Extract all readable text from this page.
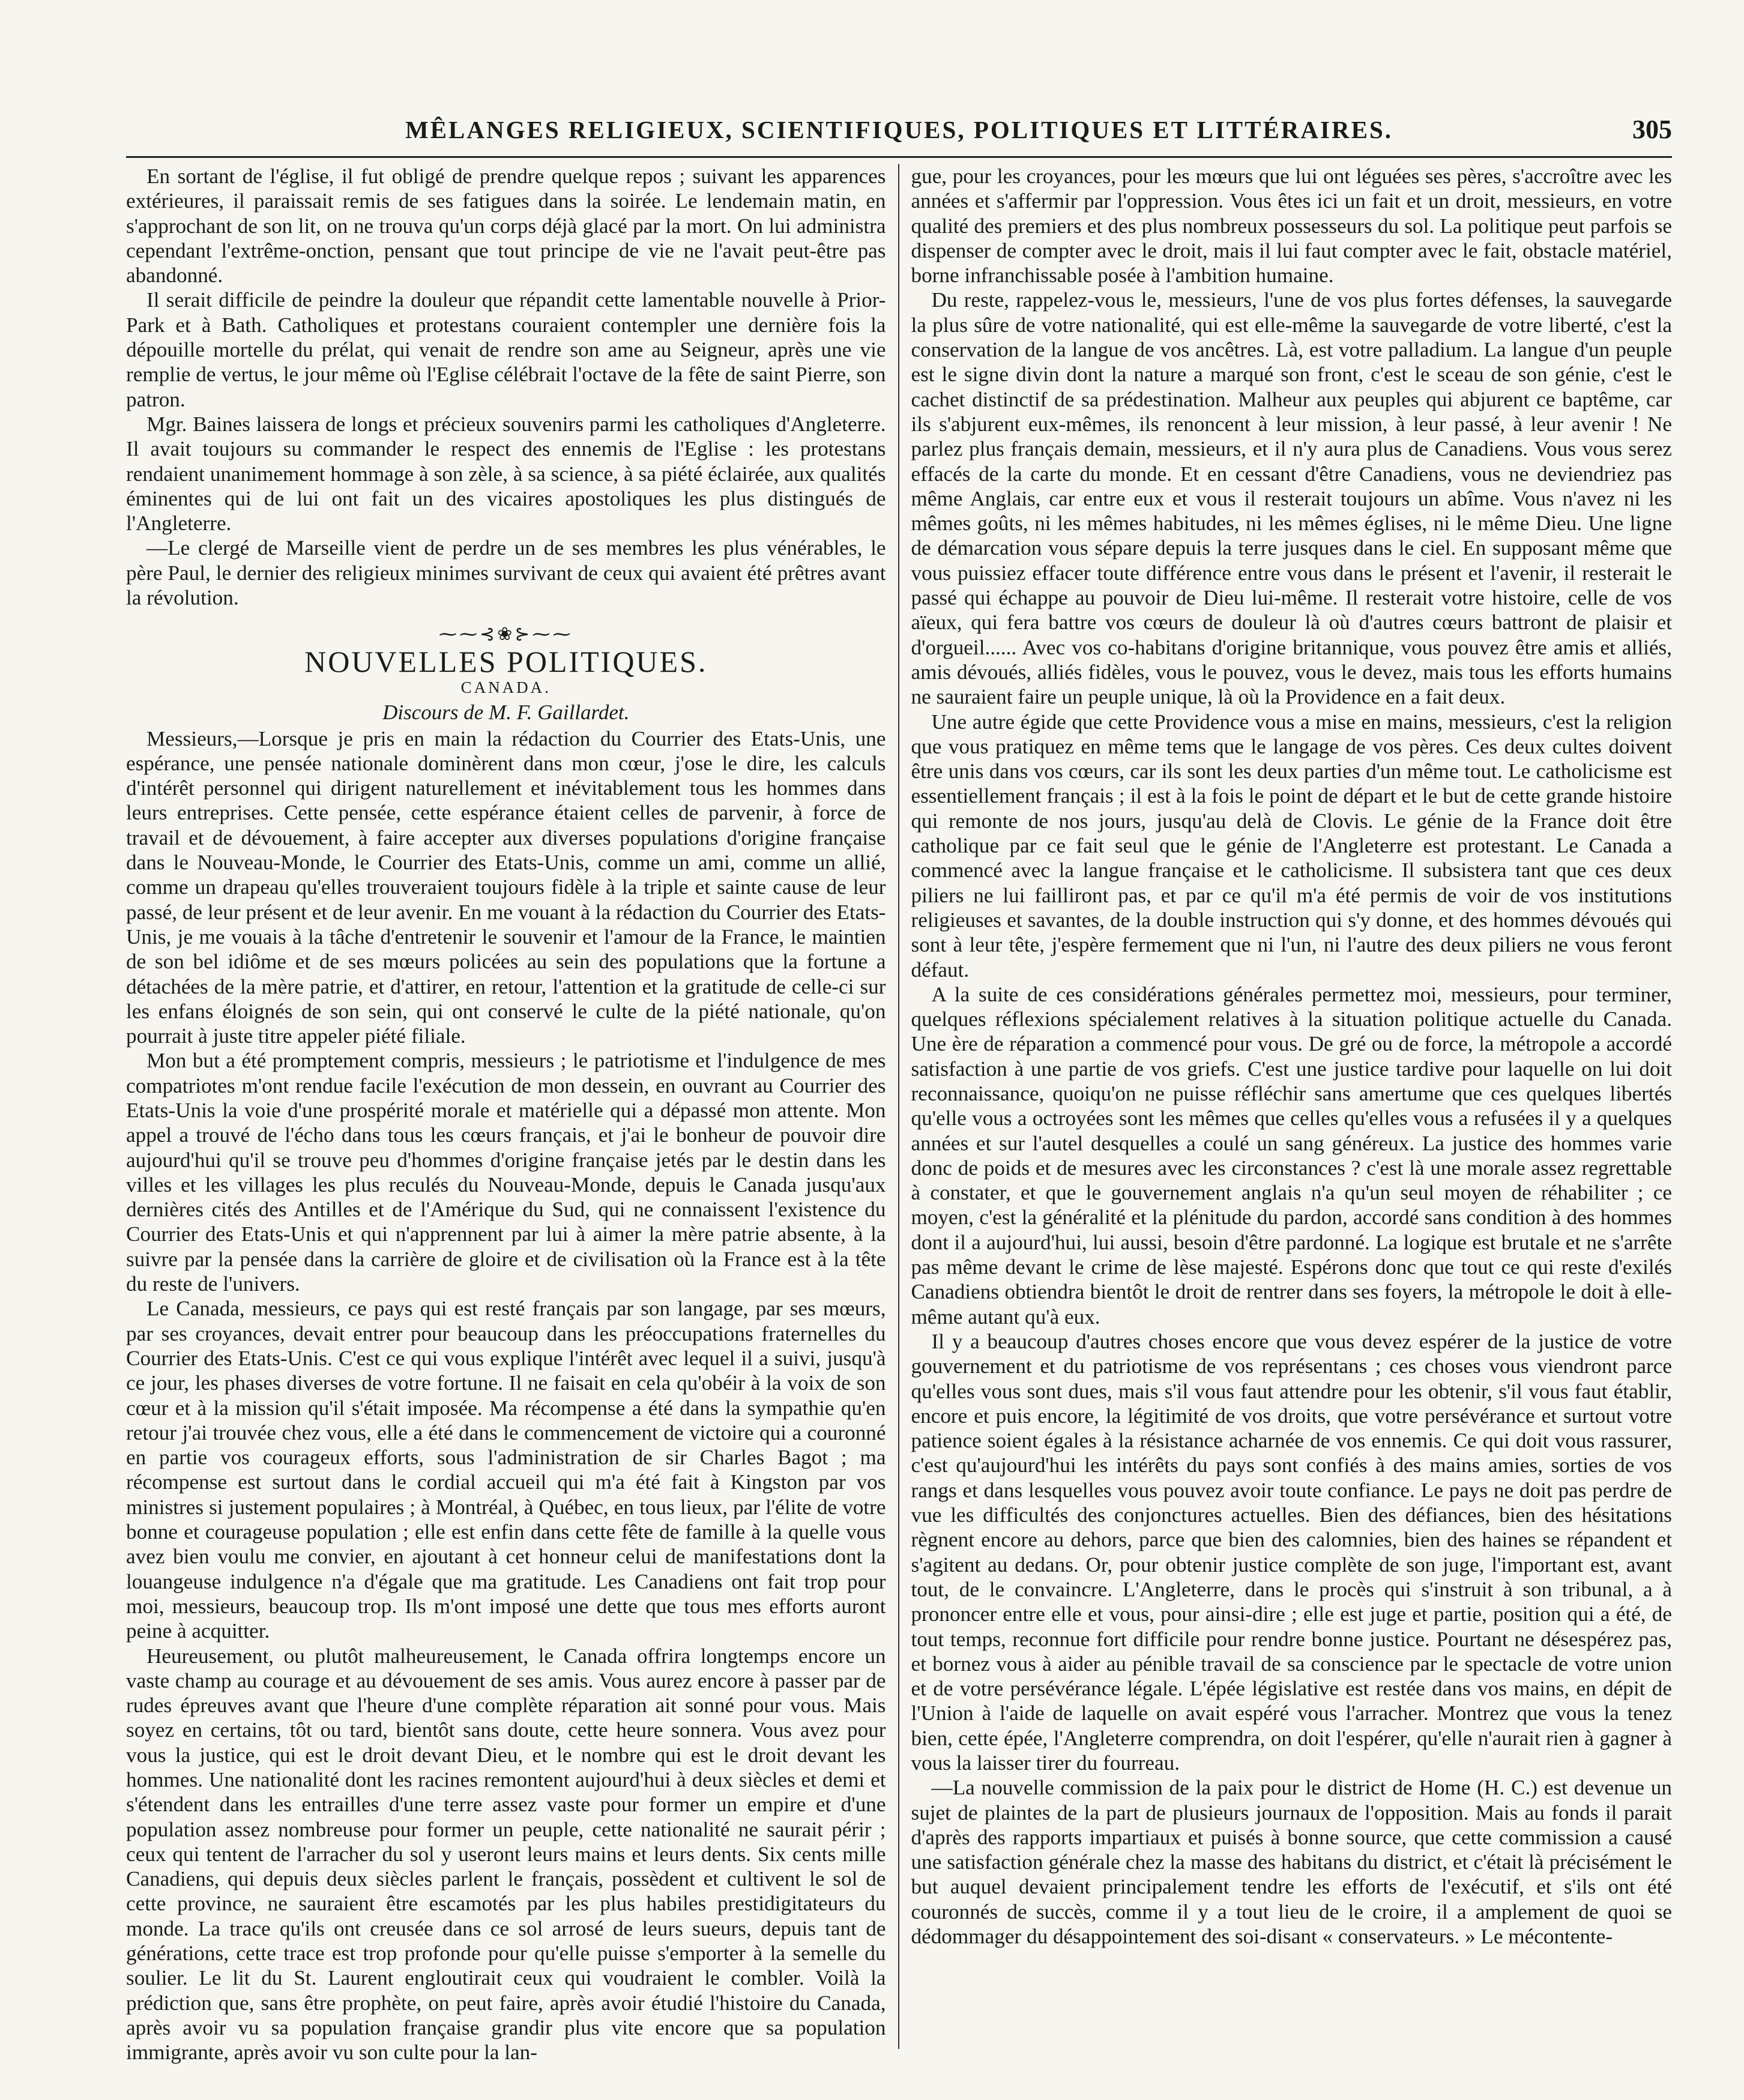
MÊLANGES RELIGIEUX, SCIENTIFIQUES, POLITIQUES ET LITTÉRAIRES.	305

En sortant de l'église, il fut obligé de prendre quelque repos ; suivant les apparences extérieures, il paraissait remis de ses fatigues dans la soirée. Le lendemain matin, en s'approchant de son lit, on ne trouva qu'un corps déjà glacé par la mort. On lui administra cependant l'extrême-onction, pensant que tout principe de vie ne l'avait peut-être pas abandonné.

Il serait difficile de peindre la douleur que répandit cette lamentable nouvelle à Prior-Park et à Bath. Catholiques et protestans couraient contempler une dernière fois la dépouille mortelle du prélat, qui venait de rendre son ame au Seigneur, après une vie remplie de vertus, le jour même où l'Eglise célébrait l'octave de la fête de saint Pierre, son patron.

Mgr. Baines laissera de longs et précieux souvenirs parmi les catholiques d'Angleterre. Il avait toujours su commander le respect des ennemis de l'Eglise : les protestans rendaient unanimement hommage à son zèle, à sa science, à sa piété éclairée, aux qualités éminentes qui de lui ont fait un des vicaires apostoliques les plus distingués de l'Angleterre.

—Le clergé de Marseille vient de perdre un de ses membres les plus vénérables, le père Paul, le dernier des religieux minimes survivant de ceux qui avaient été prêtres avant la révolution.

⁓⁓⊰❀⊱⁓⁓
NOUVELLES POLITIQUES.
CANADA.
Discours de M. F. Gaillardet.

Messieurs,—Lorsque je pris en main la rédaction du Courrier des Etats-Unis, une espérance, une pensée nationale dominèrent dans mon cœur, j'ose le dire, les calculs d'intérêt personnel qui dirigent naturellement et inévitablement tous les hommes dans leurs entreprises. Cette pensée, cette espérance étaient celles de parvenir, à force de travail et de dévouement, à faire accepter aux diverses populations d'origine française dans le Nouveau-Monde, le Courrier des Etats-Unis, comme un ami, comme un allié, comme un drapeau qu'elles trouveraient toujours fidèle à la triple et sainte cause de leur passé, de leur présent et de leur avenir. En me vouant à la rédaction du Courrier des Etats-Unis, je me vouais à la tâche d'entretenir le souvenir et l'amour de la France, le maintien de son bel idiôme et de ses mœurs policées au sein des populations que la fortune a détachées de la mère patrie, et d'attirer, en retour, l'attention et la gratitude de celle-ci sur les enfans éloignés de son sein, qui ont conservé le culte de la piété nationale, qu'on pourrait à juste titre appeler piété filiale.

Mon but a été promptement compris, messieurs ; le patriotisme et l'indulgence de mes compatriotes m'ont rendue facile l'exécution de mon dessein, en ouvrant au Courrier des Etats-Unis la voie d'une prospérité morale et matérielle qui a dépassé mon attente. Mon appel a trouvé de l'écho dans tous les cœurs français, et j'ai le bonheur de pouvoir dire aujourd'hui qu'il se trouve peu d'hommes d'origine française jetés par le destin dans les villes et les villages les plus reculés du Nouveau-Monde, depuis le Canada jusqu'aux dernières cités des Antilles et de l'Amérique du Sud, qui ne connaissent l'existence du Courrier des Etats-Unis et qui n'apprennent par lui à aimer la mère patrie absente, à la suivre par la pensée dans la carrière de gloire et de civilisation où la France est à la tête du reste de l'univers.

Le Canada, messieurs, ce pays qui est resté français par son langage, par ses mœurs, par ses croyances, devait entrer pour beaucoup dans les préoccupations fraternelles du Courrier des Etats-Unis. C'est ce qui vous explique l'intérêt avec lequel il a suivi, jusqu'à ce jour, les phases diverses de votre fortune. Il ne faisait en cela qu'obéir à la voix de son cœur et à la mission qu'il s'était imposée. Ma récompense a été dans la sympathie qu'en retour j'ai trouvée chez vous, elle a été dans le commencement de victoire qui a couronné en partie vos courageux efforts, sous l'administration de sir Charles Bagot ; ma récompense est surtout dans le cordial accueil qui m'a été fait à Kingston par vos ministres si justement populaires ; à Montréal, à Québec, en tous lieux, par l'élite de votre bonne et courageuse population ; elle est enfin dans cette fête de famille à la quelle vous avez bien voulu me convier, en ajoutant à cet honneur celui de manifestations dont la louangeuse indulgence n'a d'égale que ma gratitude. Les Canadiens ont fait trop pour moi, messieurs, beaucoup trop. Ils m'ont imposé une dette que tous mes efforts auront peine à acquitter.

Heureusement, ou plutôt malheureusement, le Canada offrira longtemps encore un vaste champ au courage et au dévouement de ses amis. Vous aurez encore à passer par de rudes épreuves avant que l'heure d'une complète réparation ait sonné pour vous. Mais soyez en certains, tôt ou tard, bientôt sans doute, cette heure sonnera. Vous avez pour vous la justice, qui est le droit devant Dieu, et le nombre qui est le droit devant les hommes. Une nationalité dont les racines remontent aujourd'hui à deux siècles et demi et s'étendent dans les entrailles d'une terre assez vaste pour former un empire et d'une population assez nombreuse pour former un peuple, cette nationalité ne saurait périr ; ceux qui tentent de l'arracher du sol y useront leurs mains et leurs dents. Six cents mille Canadiens, qui depuis deux siècles parlent le français, possèdent et cultivent le sol de cette province, ne sauraient être escamotés par les plus habiles prestidigitateurs du monde. La trace qu'ils ont creusée dans ce sol arrosé de leurs sueurs, depuis tant de générations, cette trace est trop profonde pour qu'elle puisse s'emporter à la semelle du soulier. Le lit du St. Laurent engloutirait ceux qui voudraient le combler. Voilà la prédiction que, sans être prophète, on peut faire, après avoir étudié l'histoire du Canada, après avoir vu sa population française grandir plus vite encore que sa population immigrante, après avoir vu son culte pour la lan-

gue, pour les croyances, pour les mœurs que lui ont léguées ses pères, s'accroître avec les années et s'affermir par l'oppression. Vous êtes ici un fait et un droit, messieurs, en votre qualité des premiers et des plus nombreux possesseurs du sol. La politique peut parfois se dispenser de compter avec le droit, mais il lui faut compter avec le fait, obstacle matériel, borne infranchissable posée à l'ambition humaine.

Du reste, rappelez-vous le, messieurs, l'une de vos plus fortes défenses, la sauvegarde la plus sûre de votre nationalité, qui est elle-même la sauvegarde de votre liberté, c'est la conservation de la langue de vos ancêtres. Là, est votre palladium. La langue d'un peuple est le signe divin dont la nature a marqué son front, c'est le sceau de son génie, c'est le cachet distinctif de sa prédestination. Malheur aux peuples qui abjurent ce baptême, car ils s'abjurent eux-mêmes, ils renoncent à leur mission, à leur passé, à leur avenir ! Ne parlez plus français demain, messieurs, et il n'y aura plus de Canadiens. Vous vous serez effacés de la carte du monde. Et en cessant d'être Canadiens, vous ne deviendriez pas même Anglais, car entre eux et vous il resterait toujours un abîme. Vous n'avez ni les mêmes goûts, ni les mêmes habitudes, ni les mêmes églises, ni le même Dieu. Une ligne de démarcation vous sépare depuis la terre jusques dans le ciel. En supposant même que vous puissiez effacer toute différence entre vous dans le présent et l'avenir, il resterait le passé qui échappe au pouvoir de Dieu lui-même. Il resterait votre histoire, celle de vos aïeux, qui fera battre vos cœurs de douleur là où d'autres cœurs battront de plaisir et d'orgueil...... Avec vos co-habitans d'origine britannique, vous pouvez être amis et alliés, amis dévoués, alliés fidèles, vous le pouvez, vous le devez, mais tous les efforts humains ne sauraient faire un peuple unique, là où la Providence en a fait deux.

Une autre égide que cette Providence vous a mise en mains, messieurs, c'est la religion que vous pratiquez en même tems que le langage de vos pères. Ces deux cultes doivent être unis dans vos cœurs, car ils sont les deux parties d'un même tout. Le catholicisme est essentiellement français ; il est à la fois le point de départ et le but de cette grande histoire qui remonte de nos jours, jusqu'au delà de Clovis. Le génie de la France doit être catholique par ce fait seul que le génie de l'Angleterre est protestant. Le Canada a commencé avec la langue française et le catholicisme. Il subsistera tant que ces deux piliers ne lui failliront pas, et par ce qu'il m'a été permis de voir de vos institutions religieuses et savantes, de la double instruction qui s'y donne, et des hommes dévoués qui sont à leur tête, j'espère fermement que ni l'un, ni l'autre des deux piliers ne vous feront défaut.

A la suite de ces considérations générales permettez moi, messieurs, pour terminer, quelques réflexions spécialement relatives à la situation politique actuelle du Canada. Une ère de réparation a commencé pour vous. De gré ou de force, la métropole a accordé satisfaction à une partie de vos griefs. C'est une justice tardive pour laquelle on lui doit reconnaissance, quoiqu'on ne puisse réfléchir sans amertume que ces quelques libertés qu'elle vous a octroyées sont les mêmes que celles qu'elles vous a refusées il y a quelques années et sur l'autel desquelles a coulé un sang généreux. La justice des hommes varie donc de poids et de mesures avec les circonstances ? c'est là une morale assez regrettable à constater, et que le gouvernement anglais n'a qu'un seul moyen de réhabiliter ; ce moyen, c'est la généralité et la plénitude du pardon, accordé sans condition à des hommes dont il a aujourd'hui, lui aussi, besoin d'être pardonné. La logique est brutale et ne s'arrête pas même devant le crime de lèse majesté. Espérons donc que tout ce qui reste d'exilés Canadiens obtiendra bientôt le droit de rentrer dans ses foyers, la métropole le doit à elle-même autant qu'à eux.

Il y a beaucoup d'autres choses encore que vous devez espérer de la justice de votre gouvernement et du patriotisme de vos représentans ; ces choses vous viendront parce qu'elles vous sont dues, mais s'il vous faut attendre pour les obtenir, s'il vous faut établir, encore et puis encore, la légitimité de vos droits, que votre persévérance et surtout votre patience soient égales à la résistance acharnée de vos ennemis. Ce qui doit vous rassurer, c'est qu'aujourd'hui les intérêts du pays sont confiés à des mains amies, sorties de vos rangs et dans lesquelles vous pouvez avoir toute confiance. Le pays ne doit pas perdre de vue les difficultés des conjonctures actuelles. Bien des défiances, bien des hésitations règnent encore au dehors, parce que bien des calomnies, bien des haines se répandent et s'agitent au dedans. Or, pour obtenir justice complète de son juge, l'important est, avant tout, de le convaincre. L'Angleterre, dans le procès qui s'instruit à son tribunal, a à prononcer entre elle et vous, pour ainsi-dire ; elle est juge et partie, position qui a été, de tout temps, reconnue fort difficile pour rendre bonne justice. Pourtant ne désespérez pas, et bornez vous à aider au pénible travail de sa conscience par le spectacle de votre union et de votre persévérance légale. L'épée législative est restée dans vos mains, en dépit de l'Union à l'aide de laquelle on avait espéré vous l'arracher. Montrez que vous la tenez bien, cette épée, l'Angleterre comprendra, on doit l'espérer, qu'elle n'aurait rien à gagner à vous la laisser tirer du fourreau.

—La nouvelle commission de la paix pour le district de Home (H. C.) est devenue un sujet de plaintes de la part de plusieurs journaux de l'opposition. Mais au fonds il parait d'après des rapports impartiaux et puisés à bonne source, que cette commission a causé une satisfaction générale chez la masse des habitans du district, et c'était là précisément le but auquel devaient principalement tendre les efforts de l'exécutif, et s'ils ont été couronnés de succès, comme il y a tout lieu de le croire, il a amplement de quoi se dédommager du désappointement des soi-disant « conservateurs. » Le mécontente-
